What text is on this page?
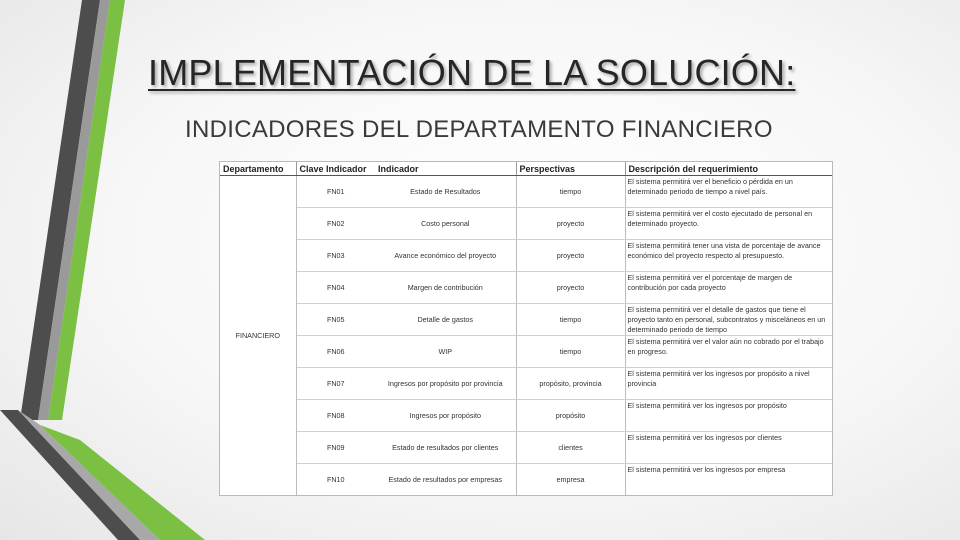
IMPLEMENTACIÓN DE LA SOLUCIÓN:
INDICADORES DEL DEPARTAMENTO FINANCIERO
Departamento	Clave Indicador	Indicador	Perspectivas	Descripción del requerimiento
FINANCIERO	FN01	Estado de Resultados	tiempo	El sistema permitirá ver el beneficio o pérdida en un determinado periodo de tiempo a nivel país.
	FN02	Costo personal	proyecto	El sistema permitirá ver el costo ejecutado de personal en determinado proyecto.
	FN03	Avance económico del proyecto	proyecto	El sistema permitirá tener una vista de porcentaje de avance económico del proyecto respecto al presupuesto.
	FN04	Margen de contribución	proyecto	El sistema permitirá ver el porcentaje de margen de contribución por cada proyecto
	FN05	Detalle de gastos	tiempo	El sistema permitirá ver el detalle de gastos que tiene el proyecto tanto en personal, subcontratos y misceláneos en un determinado periodo de tiempo
	FN06	WIP	tiempo	El sistema permitirá ver el valor aún no cobrado por el trabajo en progreso.
	FN07	Ingresos por propósito por provincia	propósito, provincia	El sistema permitirá ver los ingresos por propósito a nivel provincia
	FN08	Ingresos por propósito	propósito	El sistema permitirá ver los ingresos por propósito
	FN09	Estado de resultados por clientes	clientes	El sistema permitirá ver los ingresos por clientes
	FN10	Estado de resultados por empresas	empresa	El sistema permitirá ver los ingresos por empresa
